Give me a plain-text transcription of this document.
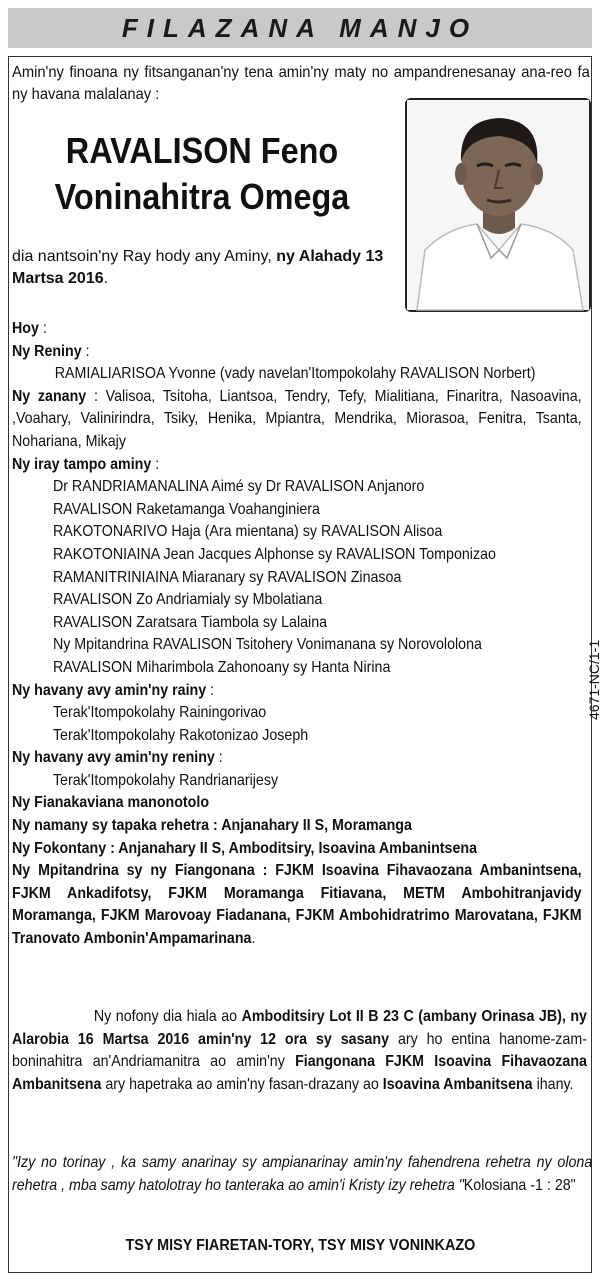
FILAZANA MANJO
Amin'ny finoana ny fitsanganan'ny tena amin'ny maty no ampandrenesanay ana-reo fa ny havana malalanay :
RAVALISON Feno
Voninahitra Omega
dia nantsoin'ny Ray hody any Aminy, ny Alahady 13 Martsa 2016.
Hoy :
Ny Reniny :
RAMIALIARISOA Yvonne (vady navelan'Itompokolahy RAVALISON Norbert)
Ny zanany : Valisoa, Tsitoha, Liantsoa, Tendry, Tefy, Mialitiana, Finaritra, Nasoavina, ,Voahary, Valinirindra, Tsiky, Henika, Mpiantra, Mendrika, Miorasoa, Fenitra, Tsanta, Nohariana, Mikajy
Ny iray tampo aminy :
Dr RANDRIAMANALINA Aimé sy Dr RAVALISON Anjanoro
RAVALISON Raketamanga Voahanginiera
RAKOTONARIVO Haja (Ara mientana) sy RAVALISON Alisoa
RAKOTONIAINA Jean Jacques Alphonse sy RAVALISON Tomponizao
RAMANITRINIAINA Miaranary sy RAVALISON Zinasoa
RAVALISON Zo Andriamialy sy Mbolatiana
RAVALISON Zaratsara Tiambola sy Lalaina
Ny Mpitandrina RAVALISON Tsitohery Vonimanana sy Norovololona
RAVALISON Miharimbola Zahonoany sy Hanta Nirina
Ny havany avy amin'ny rainy :
Terak'Itompokolahy Rainingorivao
Terak'Itompokolahy Rakotonizao Joseph
Ny havany avy amin'ny reniny :
Terak'Itompokolahy Randrianarijesy
Ny Fianakaviana manonotolo
Ny namany sy tapaka rehetra : Anjanahary II S, Moramanga
Ny Fokontany : Anjanahary II S, Amboditsiry, Isoavina Ambanintsena
Ny Mpitandrina sy ny Fiangonana : FJKM Isoavina Fihavaozana Ambanintsena, FJKM Ankadifotsy, FJKM Moramanga Fitiavana, METM Ambohitranjavidy Moramanga, FJKM Marovoay Fiadanana, FJKM Ambohidratrimo Marovatana, FJKM Tranovato Ambonin'Ampamarinana.
Ny nofony dia hiala ao Amboditsiry Lot II B 23 C (ambany Orinasa JB), ny Alarobia 16 Martsa 2016 amin'ny 12 ora sy sasany ary ho entina hanome-zam-boninahitra an'Andriamanitra ao amin'ny Fiangonana FJKM Isoavina Fihavaozana Ambanitsena ary hapetraka ao amin'ny fasan-drazany ao Isoavina Ambanitsena ihany.
"Izy no torinay , ka samy anarinay sy ampianarinay amin'ny fahendrena rehetra ny olona rehetra , mba samy hatolotray ho tanteraka ao amin'i Kristy izy rehetra "Kolosiana -1 : 28"
TSY MISY FIARETAN-TORY, TSY MISY VONINKAZO
4671-NC/1-1
